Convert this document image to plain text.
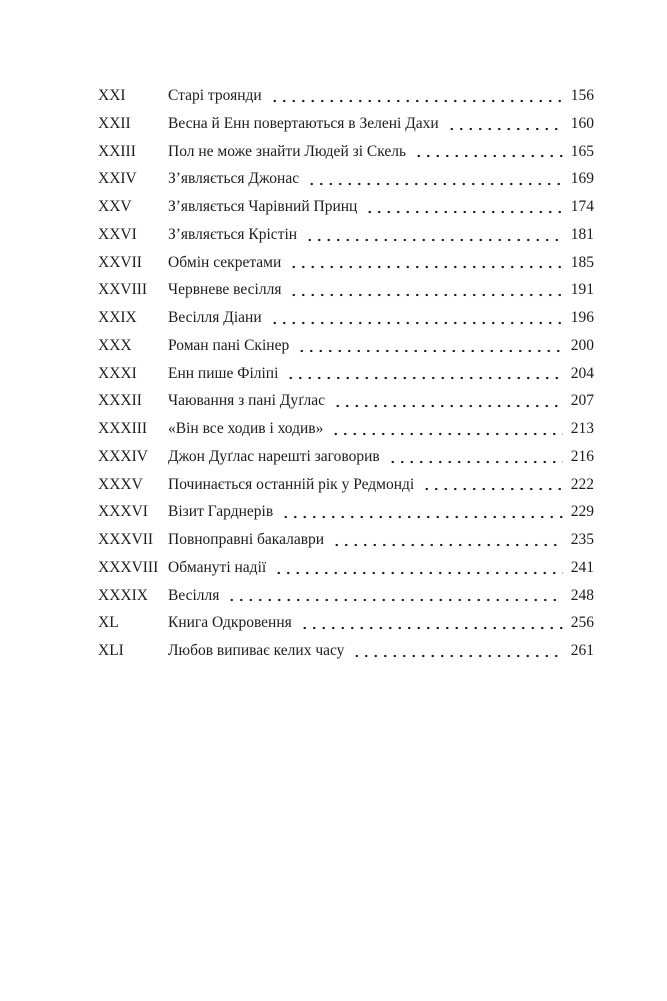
XXI	Старі троянди	156
XXII	Весна й Енн повертаються в Зелені Дахи	160
XXIII	Пол не може знайти Людей зі Скель	165
XXIV	З’являється Джонас	169
XXV	З’являється Чарівний Принц	174
XXVI	З’являється Крістін	181
XXVII	Обмін секретами	185
XXVIII	Червневе весілля	191
XXIX	Весілля Діани	196
XXX	Роман пані Скінер	200
XXXI	Енн пише Філіпі	204
XXXII	Чаювання з пані Дуґлас	207
XXXIII	«Він все ходив і ходив»	213
XXXIV	Джон Дуґлас нарешті заговорив	216
XXXV	Починається останній рік у Редмонді	222
XXXVI	Візит Гарднерів	229
XXXVII Повноправні бакалаври	235
XXXVIII Обмануті надії	241
XXXIX	Весілля	248
XL	Книга Одкровення	256
XLI	Любов випиває келих часу	261
